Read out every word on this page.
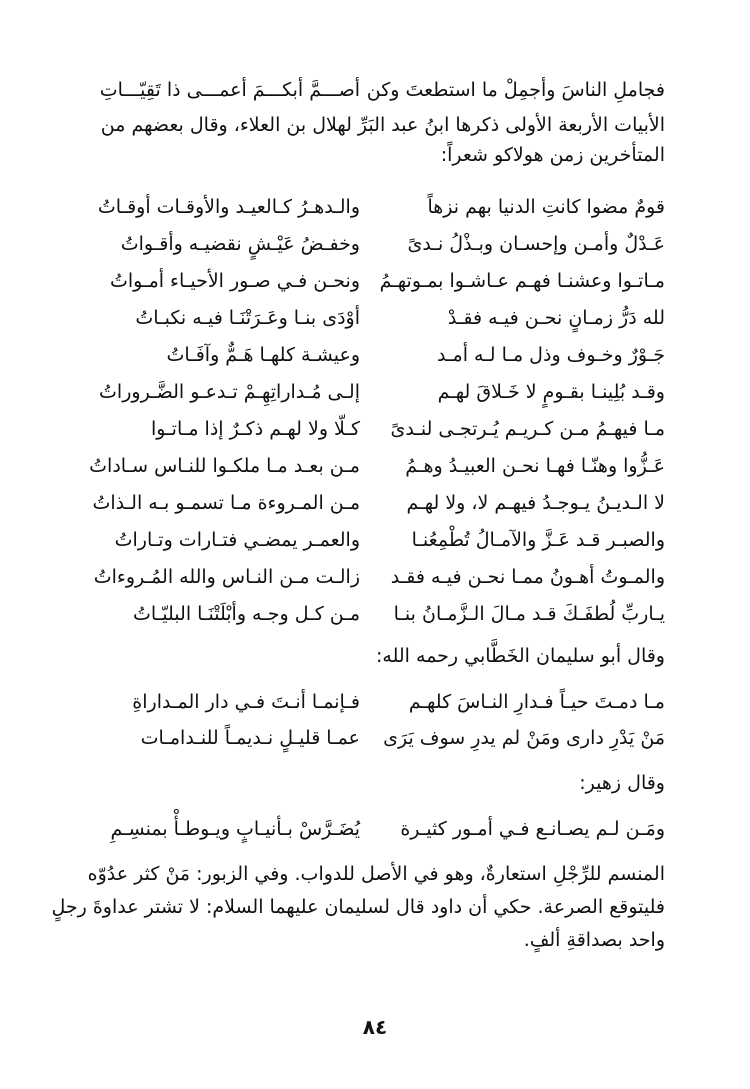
فجاملِ الناسَ وأجمِلْ ما استطعتَ وكن
أصـــمَّ أبكـــمَ أعمـــى ذا تَقِيّـــاتِ
الأبيات الأربعة الأولى ذكرها ابنُ عبد البَرِّ لهلال بن العلاء، وقال بعضهم من
المتأخرين زمن هولاكو شعراً:
قومٌ مضوا كانتِ الدنيا بهم نزهاً
والـدهـرُ كـالعيـد والأوقـات أوقـاتُ
عَـدْلٌ وأمـن وإحسـان وبـذْلُ نـدىً
وخفـضُ عَيْـشٍ نقضيـه وأقـواتُ
مـاتـوا وعشنـا فهـم عـاشـوا بمـوتهـمُ
ونحـن فـي صـور الأحيـاء أمـواتُ
لله دَرُّ زمـانٍ نحـن فيـه فقـدْ
أوْدَى بنـا وعَـرَتْنَـا فيـه نكبـاتُ
جَـوْرٌ وخـوف وذل مـا لـه أمـد
وعيشـة كلهـا هَـمٌّ وآفَـاتُ
وقـد بُلِينـا بقـومٍ لا خَـلاقَ لهـم
إلـى مُـداراتِهِـمْ تـدعـو الضَّـروراتُ
مـا فيهـمُ مـن كـريـم يُـرتجـى لنـدىً
كـلّا ولا لهـم ذكـرٌ إذا مـاتـوا
عَـزُّوا وهنّـا فهـا نحـن العبيـدُ وهـمُ
مـن بعـد مـا ملكـوا للنـاس سـاداتُ
لا الـديـنُ يـوجـدُ فيهـم لا، ولا لهـم
مـن المـروءة مـا تسمـو بـه الـذاتُ
والصبـر قـد عَـزَّ والآمـالُ تُطْمِعُنـا
والعمـر يمضـي فتـارات وتـاراتُ
والمـوتُ أهـونُ ممـا نحـن فيـه فقـد
زالـت مـن النـاس والله المُـروءاتُ
يـاربِّ لُطفَـكَ قـد مـالَ الـزَّمـانُ بنـا
مـن كـل وجـه وأبْلَتْنَـا البليّـاتُ
وقال أبو سليمان الخَطَّابي رحمه الله:
مـا دمـتَ حيـاً فـدارِ النـاسَ كلهـم
فـإنمـا أنـتَ فـي دار المـداراةِ
مَنْ يَدْرِ دارى ومَنْ لم يدرِ سوف يَرَى
عمـا قليـلٍ نـديمـاً للنـدامـات
وقال زهير:
ومَـن لـم يصـانـع فـي أمـور كثيـرة
يُضَـرَّسْ بـأنيـابٍ ويـوطـأْ بمنسِـمِ
المنسم للرِّجْلِ استعارةٌ، وهو في الأصل للدواب. وفي الزبور: مَنْ كثر عدُوّه
فليتوقع الصرعة. حكي أن داود قال لسليمان عليهما السلام: لا تشتر عداوةَ رجلٍ
واحد بصداقةِ ألفٍ.
٨٤
